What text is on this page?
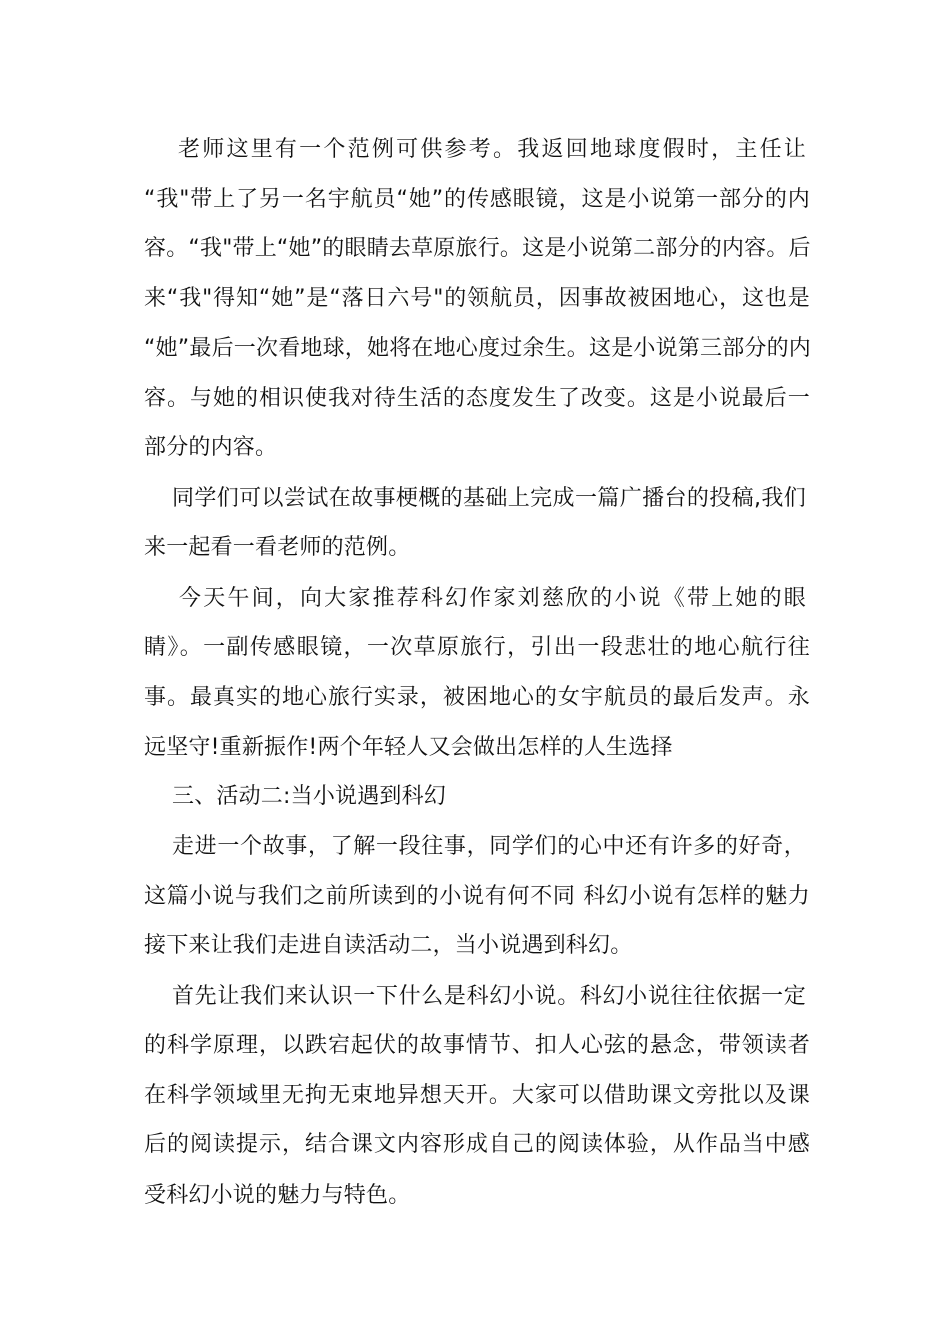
老师这里有一个范例可供参考。我返回地球度假时，主任让
“我"带上了另一名宇航员“她”的传感眼镜，这是小说第一部分的内
容。“我"带上“她”的眼睛去草原旅行。这是小说第二部分的内容。后
来“我"得知“她”是“落日六号"的领航员，因事故被困地心，这也是
“她”最后一次看地球，她将在地心度过余生。这是小说第三部分的内
容。与她的相识使我对待生活的态度发生了改变。这是小说最后一
部分的内容。
同学们可以尝试在故事梗概的基础上完成一篇广播台的投稿,我们
来一起看一看老师的范例。
今天午间，向大家推荐科幻作家刘慈欣的小说《带上她的眼
睛》。一副传感眼镜，一次草原旅行，引出一段悲壮的地心航行往
事。最真实的地心旅行实录，被困地心的女宇航员的最后发声。永
远坚守!重新振作!两个年轻人又会做出怎样的人生选择
三、活动二:当小说遇到科幻
走进一个故事，了解一段往事，同学们的心中还有许多的好奇，
这篇小说与我们之前所读到的小说有何不同 科幻小说有怎样的魅力
接下来让我们走进自读活动二，当小说遇到科幻。
首先让我们来认识一下什么是科幻小说。科幻小说往往依据一定
的科学原理，以跌宕起伏的故事情节、扣人心弦的悬念，带领读者
在科学领域里无拘无束地异想天开。大家可以借助课文旁批以及课
后的阅读提示，结合课文内容形成自己的阅读体验，从作品当中感
受科幻小说的魅力与特色。
